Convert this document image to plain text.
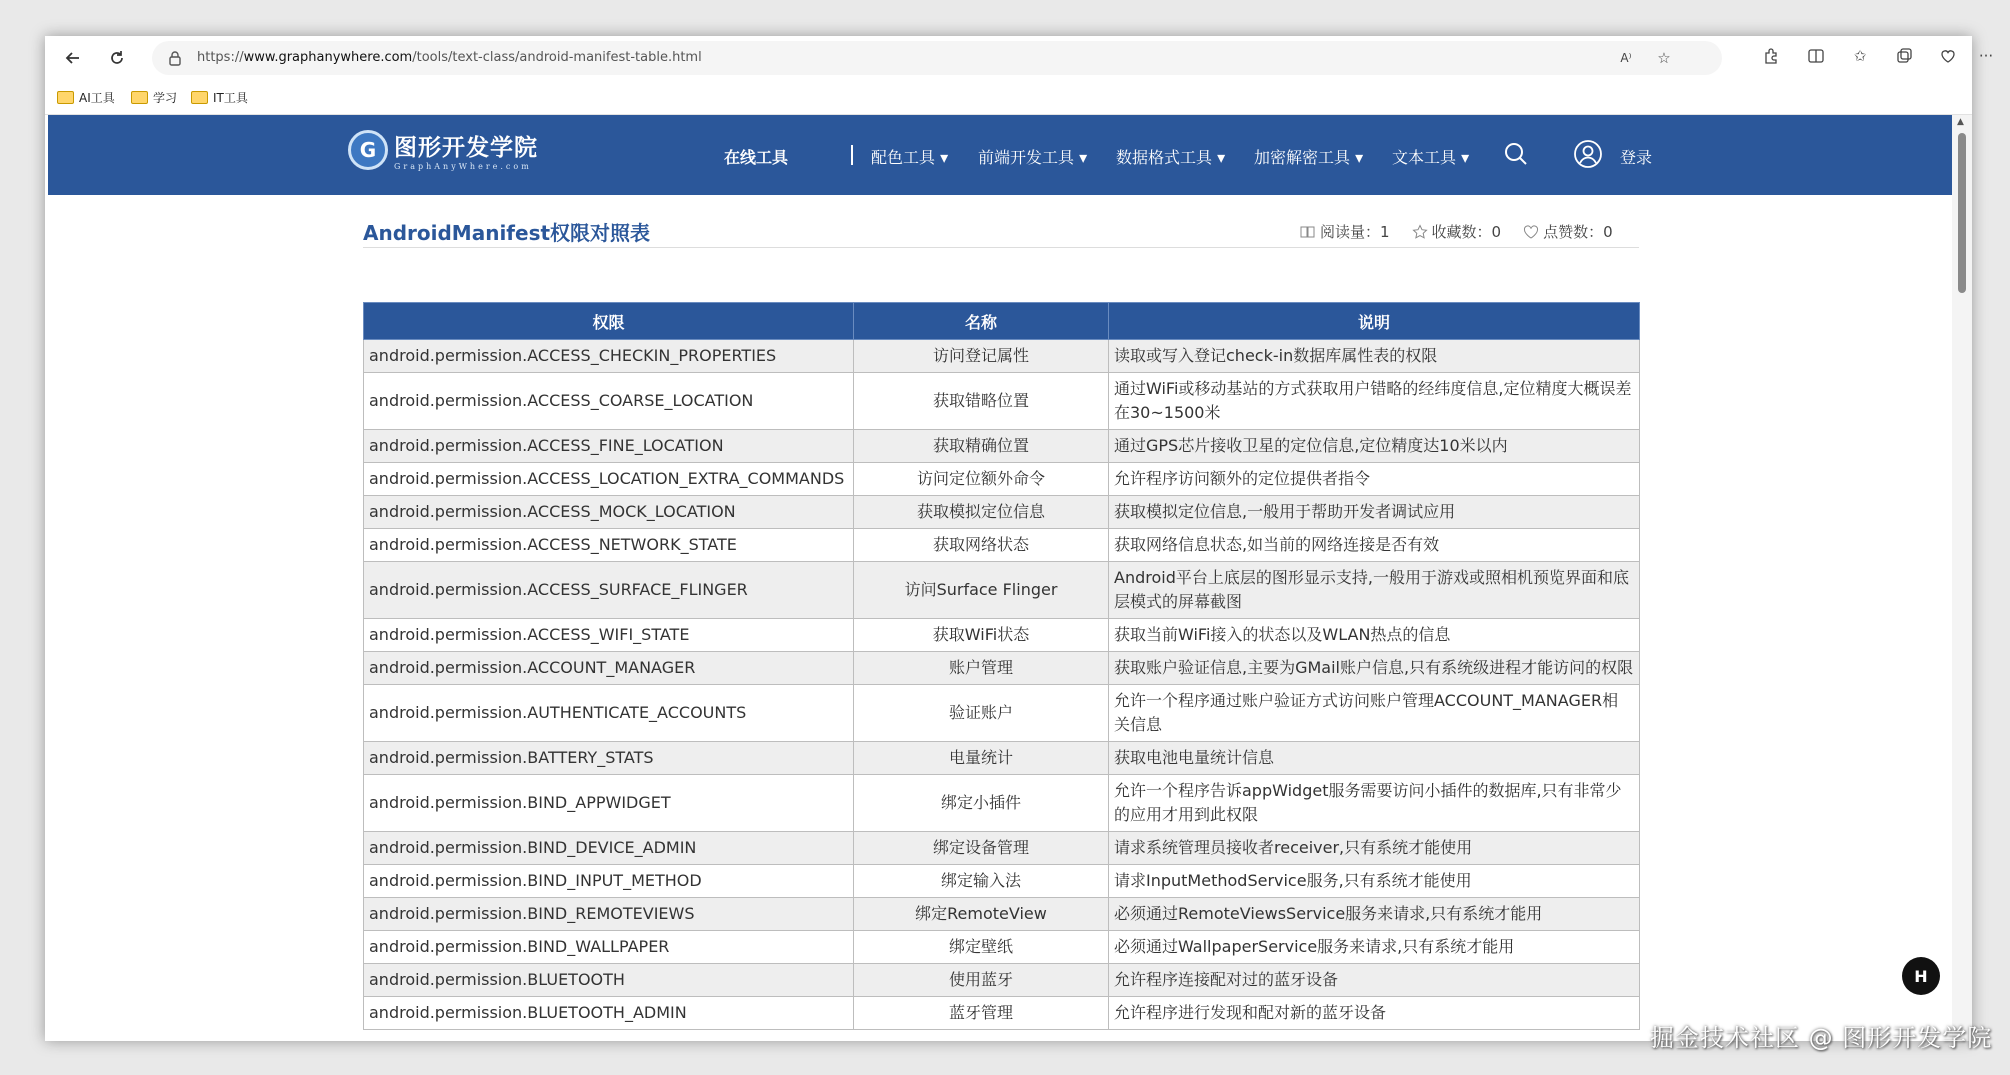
https://www.graphanywhere.com/tools/text-class/android-manifest-table.html	A⁾	☆	✩	···
AI工具	学习	IT工具
G 图形开发学院
GraphAnyWhere.com	在线工具	配色工具 ▾ 前端开发工具 ▾ 数据格式工具 ▾ 加密解密工具 ▾ 文本工具 ▾	登录
AndroidManifest权限对照表	阅读量：1	收藏数：0	点赞数：0
权限	名称	说明
android.permission.ACCESS_CHECKIN_PROPERTIES	访问登记属性	读取或写入登记check-in数据库属性表的权限
android.permission.ACCESS_COARSE_LOCATION	获取错略位置	通过WiFi或移动基站的方式获取用户错略的经纬度信息,定位精度大概误差在30~1500米
android.permission.ACCESS_FINE_LOCATION	获取精确位置	通过GPS芯片接收卫星的定位信息,定位精度达10米以内
android.permission.ACCESS_LOCATION_EXTRA_COMMANDS	访问定位额外命令	允许程序访问额外的定位提供者指令
android.permission.ACCESS_MOCK_LOCATION	获取模拟定位信息	获取模拟定位信息,一般用于帮助开发者调试应用
android.permission.ACCESS_NETWORK_STATE	获取网络状态	获取网络信息状态,如当前的网络连接是否有效
android.permission.ACCESS_SURFACE_FLINGER	访问Surface Flinger	Android平台上底层的图形显示支持,一般用于游戏或照相机预览界面和底层模式的屏幕截图
android.permission.ACCESS_WIFI_STATE	获取WiFi状态	获取当前WiFi接入的状态以及WLAN热点的信息
android.permission.ACCOUNT_MANAGER	账户管理	获取账户验证信息,主要为GMail账户信息,只有系统级进程才能访问的权限
android.permission.AUTHENTICATE_ACCOUNTS	验证账户	允许一个程序通过账户验证方式访问账户管理ACCOUNT_MANAGER相关信息
android.permission.BATTERY_STATS	电量统计	获取电池电量统计信息
android.permission.BIND_APPWIDGET	绑定小插件	允许一个程序告诉appWidget服务需要访问小插件的数据库,只有非常少的应用才用到此权限
android.permission.BIND_DEVICE_ADMIN	绑定设备管理	请求系统管理员接收者receiver,只有系统才能使用
android.permission.BIND_INPUT_METHOD	绑定输入法	请求InputMethodService服务,只有系统才能使用
android.permission.BIND_REMOTEVIEWS	绑定RemoteView	必须通过RemoteViewsService服务来请求,只有系统才能用
android.permission.BIND_WALLPAPER	绑定壁纸	必须通过WallpaperService服务来请求,只有系统才能用
android.permission.BLUETOOTH	使用蓝牙	允许程序连接配对过的蓝牙设备
android.permission.BLUETOOTH_ADMIN	蓝牙管理	允许程序进行发现和配对新的蓝牙设备
H
▲
掘金技术社区 @ 图形开发学院
